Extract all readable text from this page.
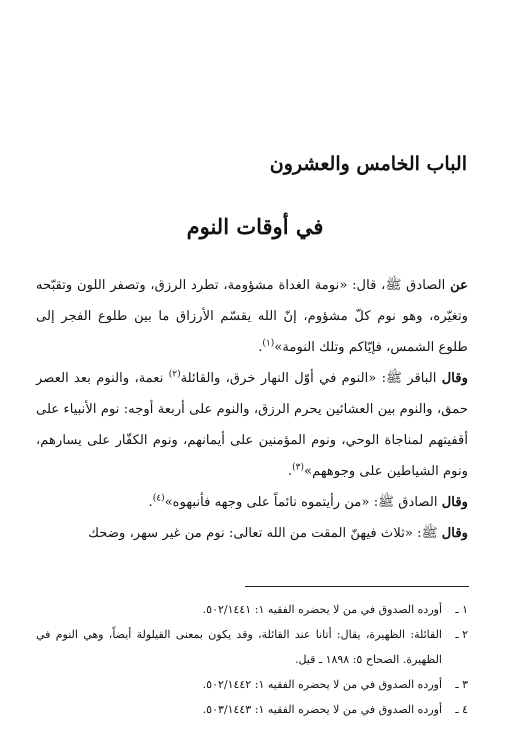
الباب الخامس والعشرون
في أوقات النوم

عن الصادق ﷺ، قال: «نومة الغداة مشؤومة، تطرد الرزق، وتصفر اللون وتقبّحه وتغيّره، وهو نوم كلّ مشؤوم، إنّ الله يقسّم الأرزاق ما بين طلوع الفجر إلى طلوع الشمس، فإيّاكم وتلك النومة»$^{(١)}$.

وقال الباقر ﷺ: «النوم في أوّل النهار خرق، والقائلة$^{(٢)}$ نعمة، والنوم بعد العصر حمق، والنوم بين العشائين يحرم الرزق، والنوم على أربعة أوجه: نوم الأنبياء على أقفيتهم لمناجاة الوحي، ونوم المؤمنين على أيمانهم، ونوم الكفّار على يسارهم، ونوم الشياطين على وجوههم»$^{(٣)}$.

وقال الصادق ﷺ: «من رأيتموه نائماً على وجهه فأنبهوه»$^{(٤)}$.

وقال ﷺ: «ثلاث فيهنّ المقت من الله تعالى: نوم من غير سهر، وضحك

١ ـ
أورده الصدوق في من لا يحضره الفقيه ١: ٥٠٢/١٤٤١.
٢ ـ
القائلة: الظهيرة، يقال: أتانا عند القائلة، وقد يكون بمعنى القيلولة أيضاً، وهي النوم في الظهيرة. الصحاح ٥: ١٨٩٨ ـ قيل.
٣ ـ
أورده الصدوق في من لا يحضره الفقيه ١: ٥٠٢/١٤٤٢.
٤ ـ
أورده الصدوق في من لا يحضره الفقيه ١: ٥٠٣/١٤٤٣.
